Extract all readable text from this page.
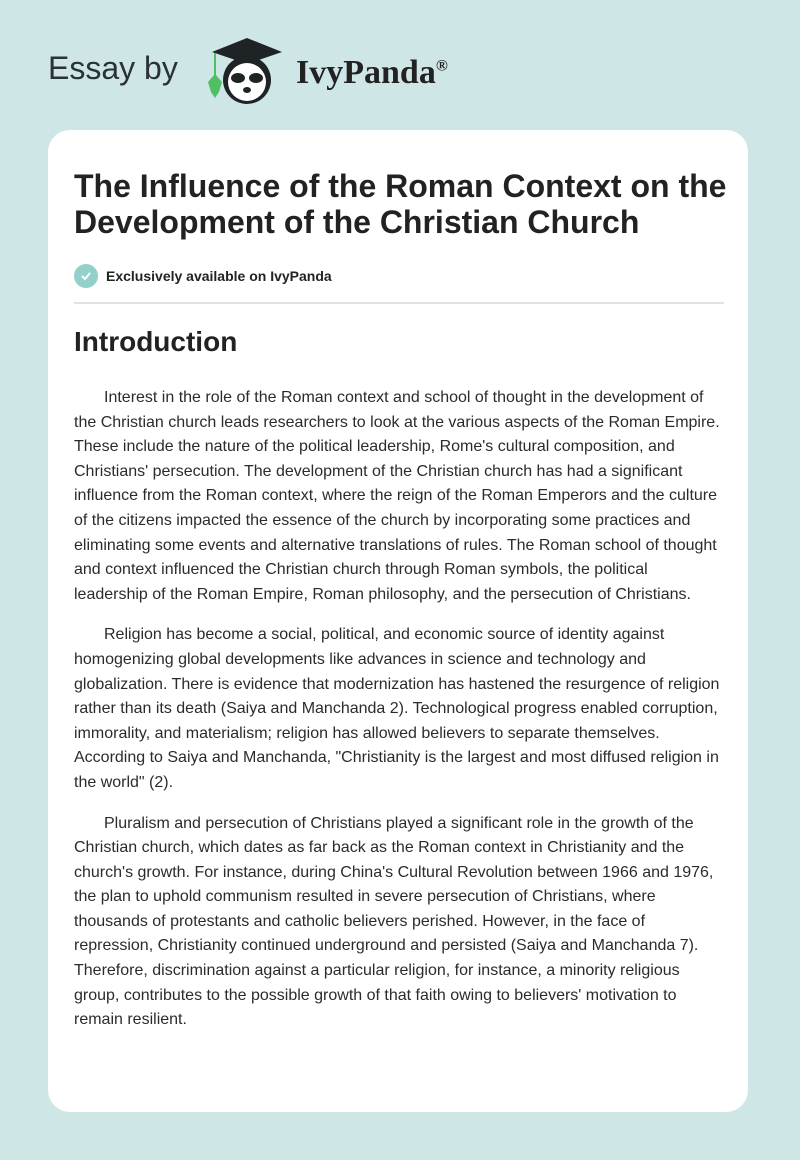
Essay by	IvyPanda®
The Influence of the Roman Context on the Development of the Christian Church
Exclusively available on IvyPanda
Introduction

Interest in the role of the Roman context and school of thought in the development of the Christian church leads researchers to look at the various aspects of the Roman Empire. These include the nature of the political leadership, Rome's cultural composition, and Christians' persecution. The development of the Christian church has had a significant influence from the Roman context, where the reign of the Roman Emperors and the culture of the citizens impacted the essence of the church by incorporating some practices and eliminating some events and alternative translations of rules. The Roman school of thought and context influenced the Christian church through Roman symbols, the political leadership of the Roman Empire, Roman philosophy, and the persecution of Christians.

Religion has become a social, political, and economic source of identity against homogenizing global developments like advances in science and technology and globalization. There is evidence that modernization has hastened the resurgence of religion rather than its death (Saiya and Manchanda 2). Technological progress enabled corruption, immorality, and materialism; religion has allowed believers to separate themselves. According to Saiya and Manchanda, "Christianity is the largest and most diffused religion in the world" (2).

Pluralism and persecution of Christians played a significant role in the growth of the Christian church, which dates as far back as the Roman context in Christianity and the church's growth. For instance, during China's Cultural Revolution between 1966 and 1976, the plan to uphold communism resulted in severe persecution of Christians, where thousands of protestants and catholic believers perished. However, in the face of repression, Christianity continued underground and persisted (Saiya and Manchanda 7). Therefore, discrimination against a particular religion, for instance, a minority religious group, contributes to the possible growth of that faith owing to believers' motivation to remain resilient.
